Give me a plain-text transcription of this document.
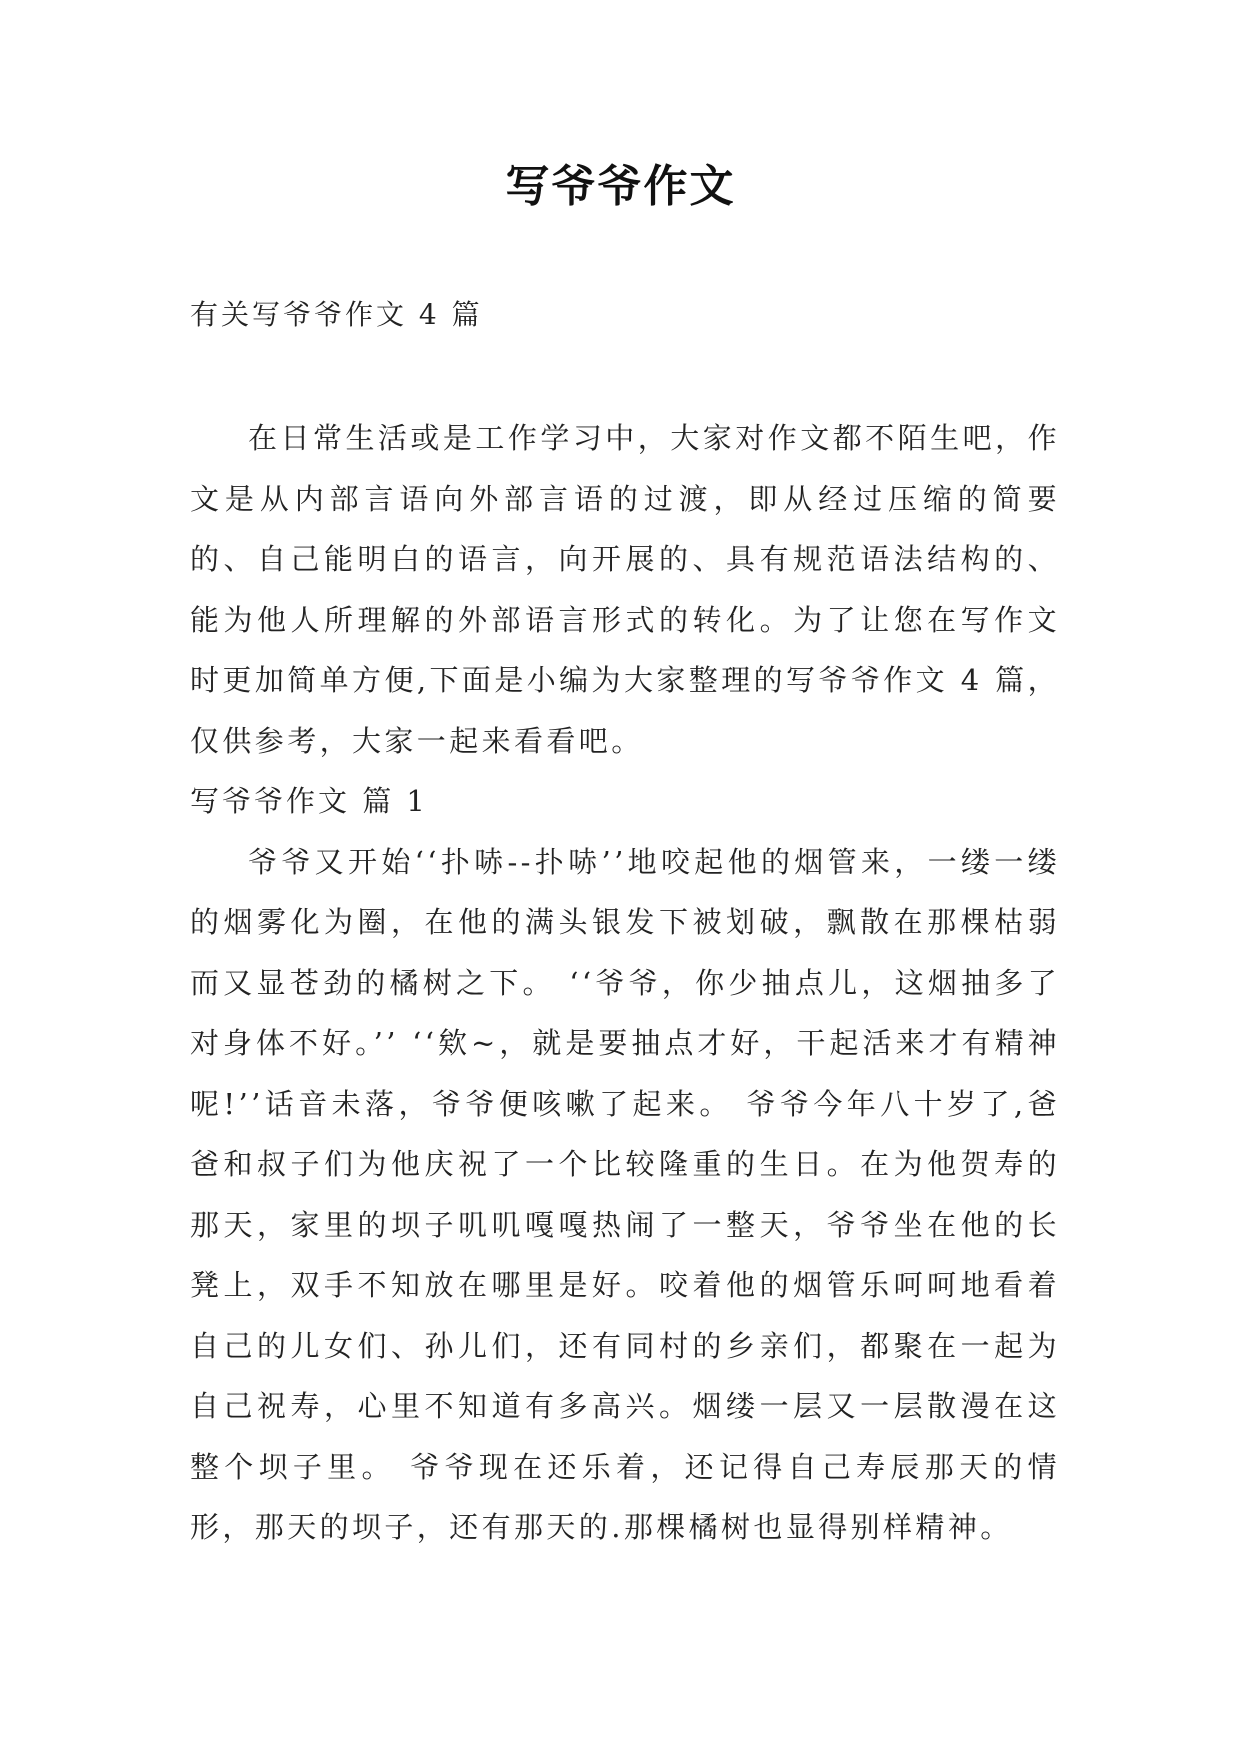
写爷爷作文
有关写爷爷作文 4 篇

在日常生活或是工作学习中，大家对作文都不陌生吧，作文是从内部言语向外部言语的过渡，即从经过压缩的简要的、自己能明白的语言，向开展的、具有规范语法结构的、能为他人所理解的外部语言形式的转化。为了让您在写作文时更加简单方便,下面是小编为大家整理的写爷爷作文 4 篇，仅供参考，大家一起来看看吧。

写爷爷作文 篇 1

爷爷又开始‘‘扑哧--扑哧’’地咬起他的烟管来，一缕一缕的烟雾化为圈，在他的满头银发下被划破，飘散在那棵枯弱而又显苍劲的橘树之下。 ‘‘爷爷，你少抽点儿，这烟抽多了对身体不好。’’ ‘‘欸~，就是要抽点才好，干起活来才有精神呢!’’话音未落，爷爷便咳嗽了起来。 爷爷今年八十岁了,爸爸和叔子们为他庆祝了一个比较隆重的生日。在为他贺寿的那天，家里的坝子叽叽嘎嘎热闹了一整天，爷爷坐在他的长凳上，双手不知放在哪里是好。咬着他的烟管乐呵呵地看着自己的儿女们、孙儿们，还有同村的乡亲们，都聚在一起为自己祝寿，心里不知道有多高兴。烟缕一层又一层散漫在这整个坝子里。 爷爷现在还乐着，还记得自己寿辰那天的情形，那天的坝子，还有那天的.那棵橘树也显得别样精神。
